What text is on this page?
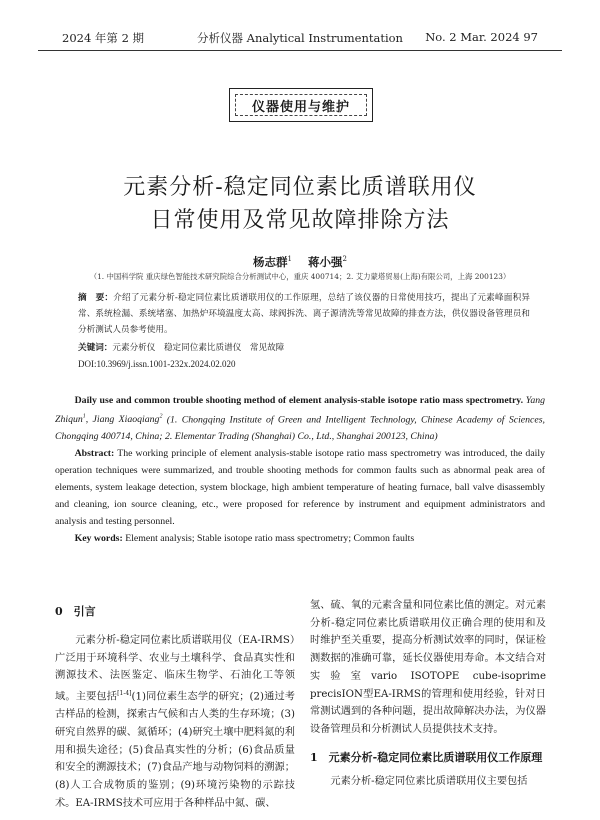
2024 年第 2 期	分析仪器 Analytical Instrumentation	No. 2 Mar. 2024 97
仪器使用与维护
元素分析-稳定同位素比质谱联用仪
日常使用及常见故障排除方法
杨志群$^1$ 蒋小强$^2$
（1. 中国科学院 重庆绿色智能技术研究院综合分析测试中心，重庆 400714；2. 艾力蒙塔贸易(上海)有限公司，上海 200123）
摘　要：介绍了元素分析-稳定同位素比质谱联用仪的工作原理，总结了该仪器的日常使用技巧，提出了元素峰面积异常、系统检漏、系统堵塞、加热炉环境温度太高、球阀拆洗、离子源清洗等常见故障的排查方法，供仪器设备管理员和分析测试人员参考使用。
关键词：元素分析仪　稳定同位素比质谱仪　常见故障
DOI:10.3969/j.issn.1001-232x.2024.02.020
Daily use and common trouble shooting method of element analysis-stable isotope ratio mass spectrometry. Yang Zhiqun$^1$, Jiang Xiaoqiang$^2$ (1. Chongqing Institute of Green and Intelligent Technology, Chinese Academy of Sciences, Chongqing 400714, China; 2. Elementar Trading (Shanghai) Co., Ltd., Shanghai 200123, China)
Abstract: The working principle of element analysis-stable isotope ratio mass spectrometry was introduced, the daily operation techniques were summarized, and trouble shooting methods for common faults such as abnormal peak area of elements, system leakage detection, system blockage, high ambient temperature of heating furnace, ball valve disassembly and cleaning, ion source cleaning, etc., were proposed for reference by instrument and equipment administrators and analysis and testing personnel.
Key words: Element analysis; Stable isotope ratio mass spectrometry; Common faults
0　引言
元素分析-稳定同位素比质谱联用仪（EA-IRMS）广泛用于环境科学、农业与土壤科学、食品真实性和溯源技术、法医鉴定、临床生物学、石油化工等领域。主要包括[1-4](1)同位素生态学的研究；(2)通过考古样品的检测，探索古气候和古人类的生存环境；(3)研究自然界的碳、氮循环；(4)研究土壤中肥料氮的利用和损失途径；(5)食品真实性的分析；(6)食品质量和安全的溯源技术；(7)食品产地与动物饲料的溯源；(8)人工合成物质的鉴别；(9)环境污染物的示踪技术。EA-IRMS技术可应用于各种样品中氮、碳、
氢、硫、氧的元素含量和同位素比值的测定。对元素分析-稳定同位素比质谱联用仪正确合理的使用和及时维护至关重要，提高分析测试效率的同时，保证检测数据的准确可靠，延长仪器使用寿命。本文结合对实验室vario ISOTOPE cube-isoprime precisION型EA-IRMS的管理和使用经验，针对日常测试遇到的各种问题，提出故障解决办法，为仪器设备管理员和分析测试人员提供技术支持。
1　元素分析-稳定同位素比质谱联用仪工作原理
元素分析-稳定同位素比质谱联用仪主要包括
